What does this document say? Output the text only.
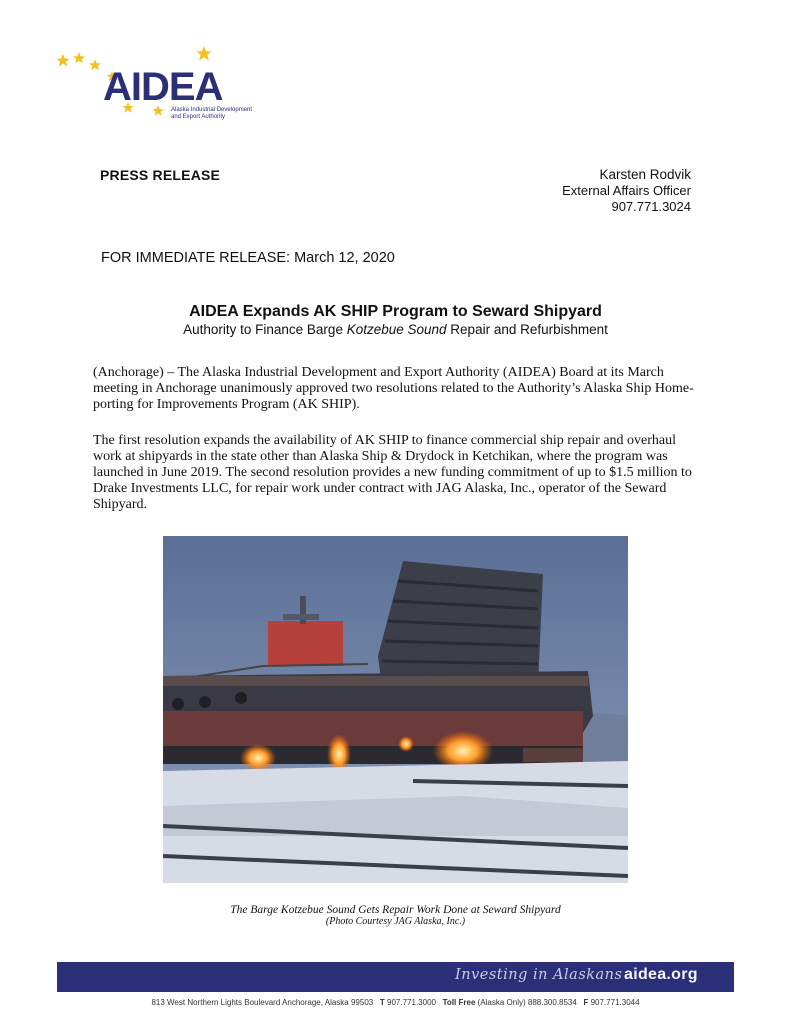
AIDEA
Alaska Industrial Development
and Export Authority
PRESS RELEASE	Karsten Rodvik
External Affairs Officer
907.771.3024
FOR IMMEDIATE RELEASE: March 12, 2020
AIDEA Expands AK SHIP Program to Seward Shipyard
Authority to Finance Barge Kotzebue Sound Repair and Refurbishment
(Anchorage) – The Alaska Industrial Development and Export Authority (AIDEA) Board at its March meeting in Anchorage unanimously approved two resolutions related to the Authority’s Alaska Ship Home-porting for Improvements Program (AK SHIP).
The first resolution expands the availability of AK SHIP to finance commercial ship repair and overhaul work at shipyards in the state other than Alaska Ship & Drydock in Ketchikan, where the program was launched in June 2019. The second resolution provides a new funding commitment of up to $1.5 million to Drake Investments LLC, for repair work under contract with JAG Alaska, Inc., operator of the Seward Shipyard.
The Barge Kotzebue Sound Gets Repair Work Done at Seward Shipyard
(Photo Courtesy JAG Alaska, Inc.)
Investing in Alaskans aidea.org
813 West Northern Lights Boulevard Anchorage, Alaska 99503 T 907.771.3000 Toll Free (Alaska Only) 888.300.8534 F 907.771.3044
